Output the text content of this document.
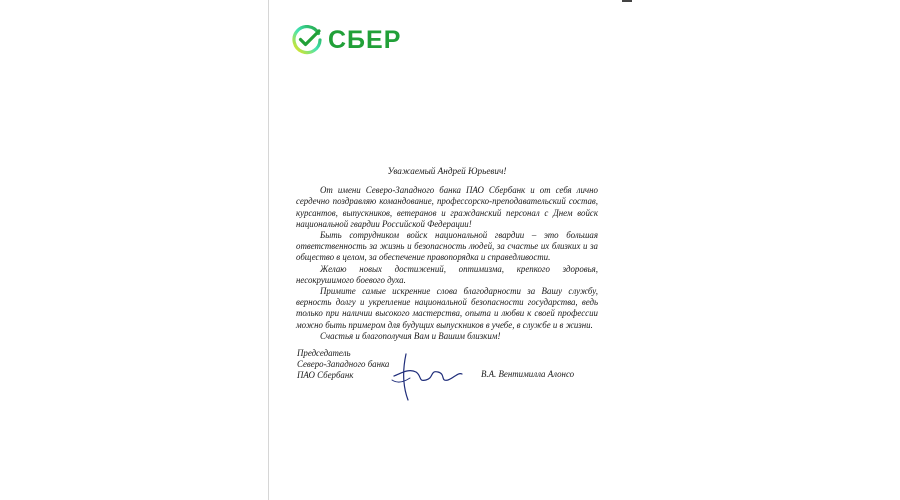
СБЕР

Уважаемый Андрей Юрьевич!

От имени Северо-Западного банка ПАО Сбербанк и от себя лично сердечно поздравляю командование, профессорско-преподавательский состав, курсантов, выпускников, ветеранов и гражданский персонал с Днем войск национальной гвардии Российской Федерации!

Быть сотрудником войск национальной гвардии – это большая ответственность за жизнь и безопасность людей, за счастье их близких и за общество в целом, за обеспечение правопорядка и справедливости.

Желаю новых достижений, оптимизма, крепкого здоровья, несокрушимого боевого духа.

Примите самые искренние слова благодарности за Вашу службу, верность долгу и укрепление национальной безопасности государства, ведь только при наличии высокого мастерства, опыта и любви к своей профессии можно быть примером для будущих выпускников в учебе, в службе и в жизни.

Счастья и благополучия Вам и Вашим близким!

Председатель
Северо-Западного банка
ПАО Сбербанк	В.А. Вентимилла Алонсо
